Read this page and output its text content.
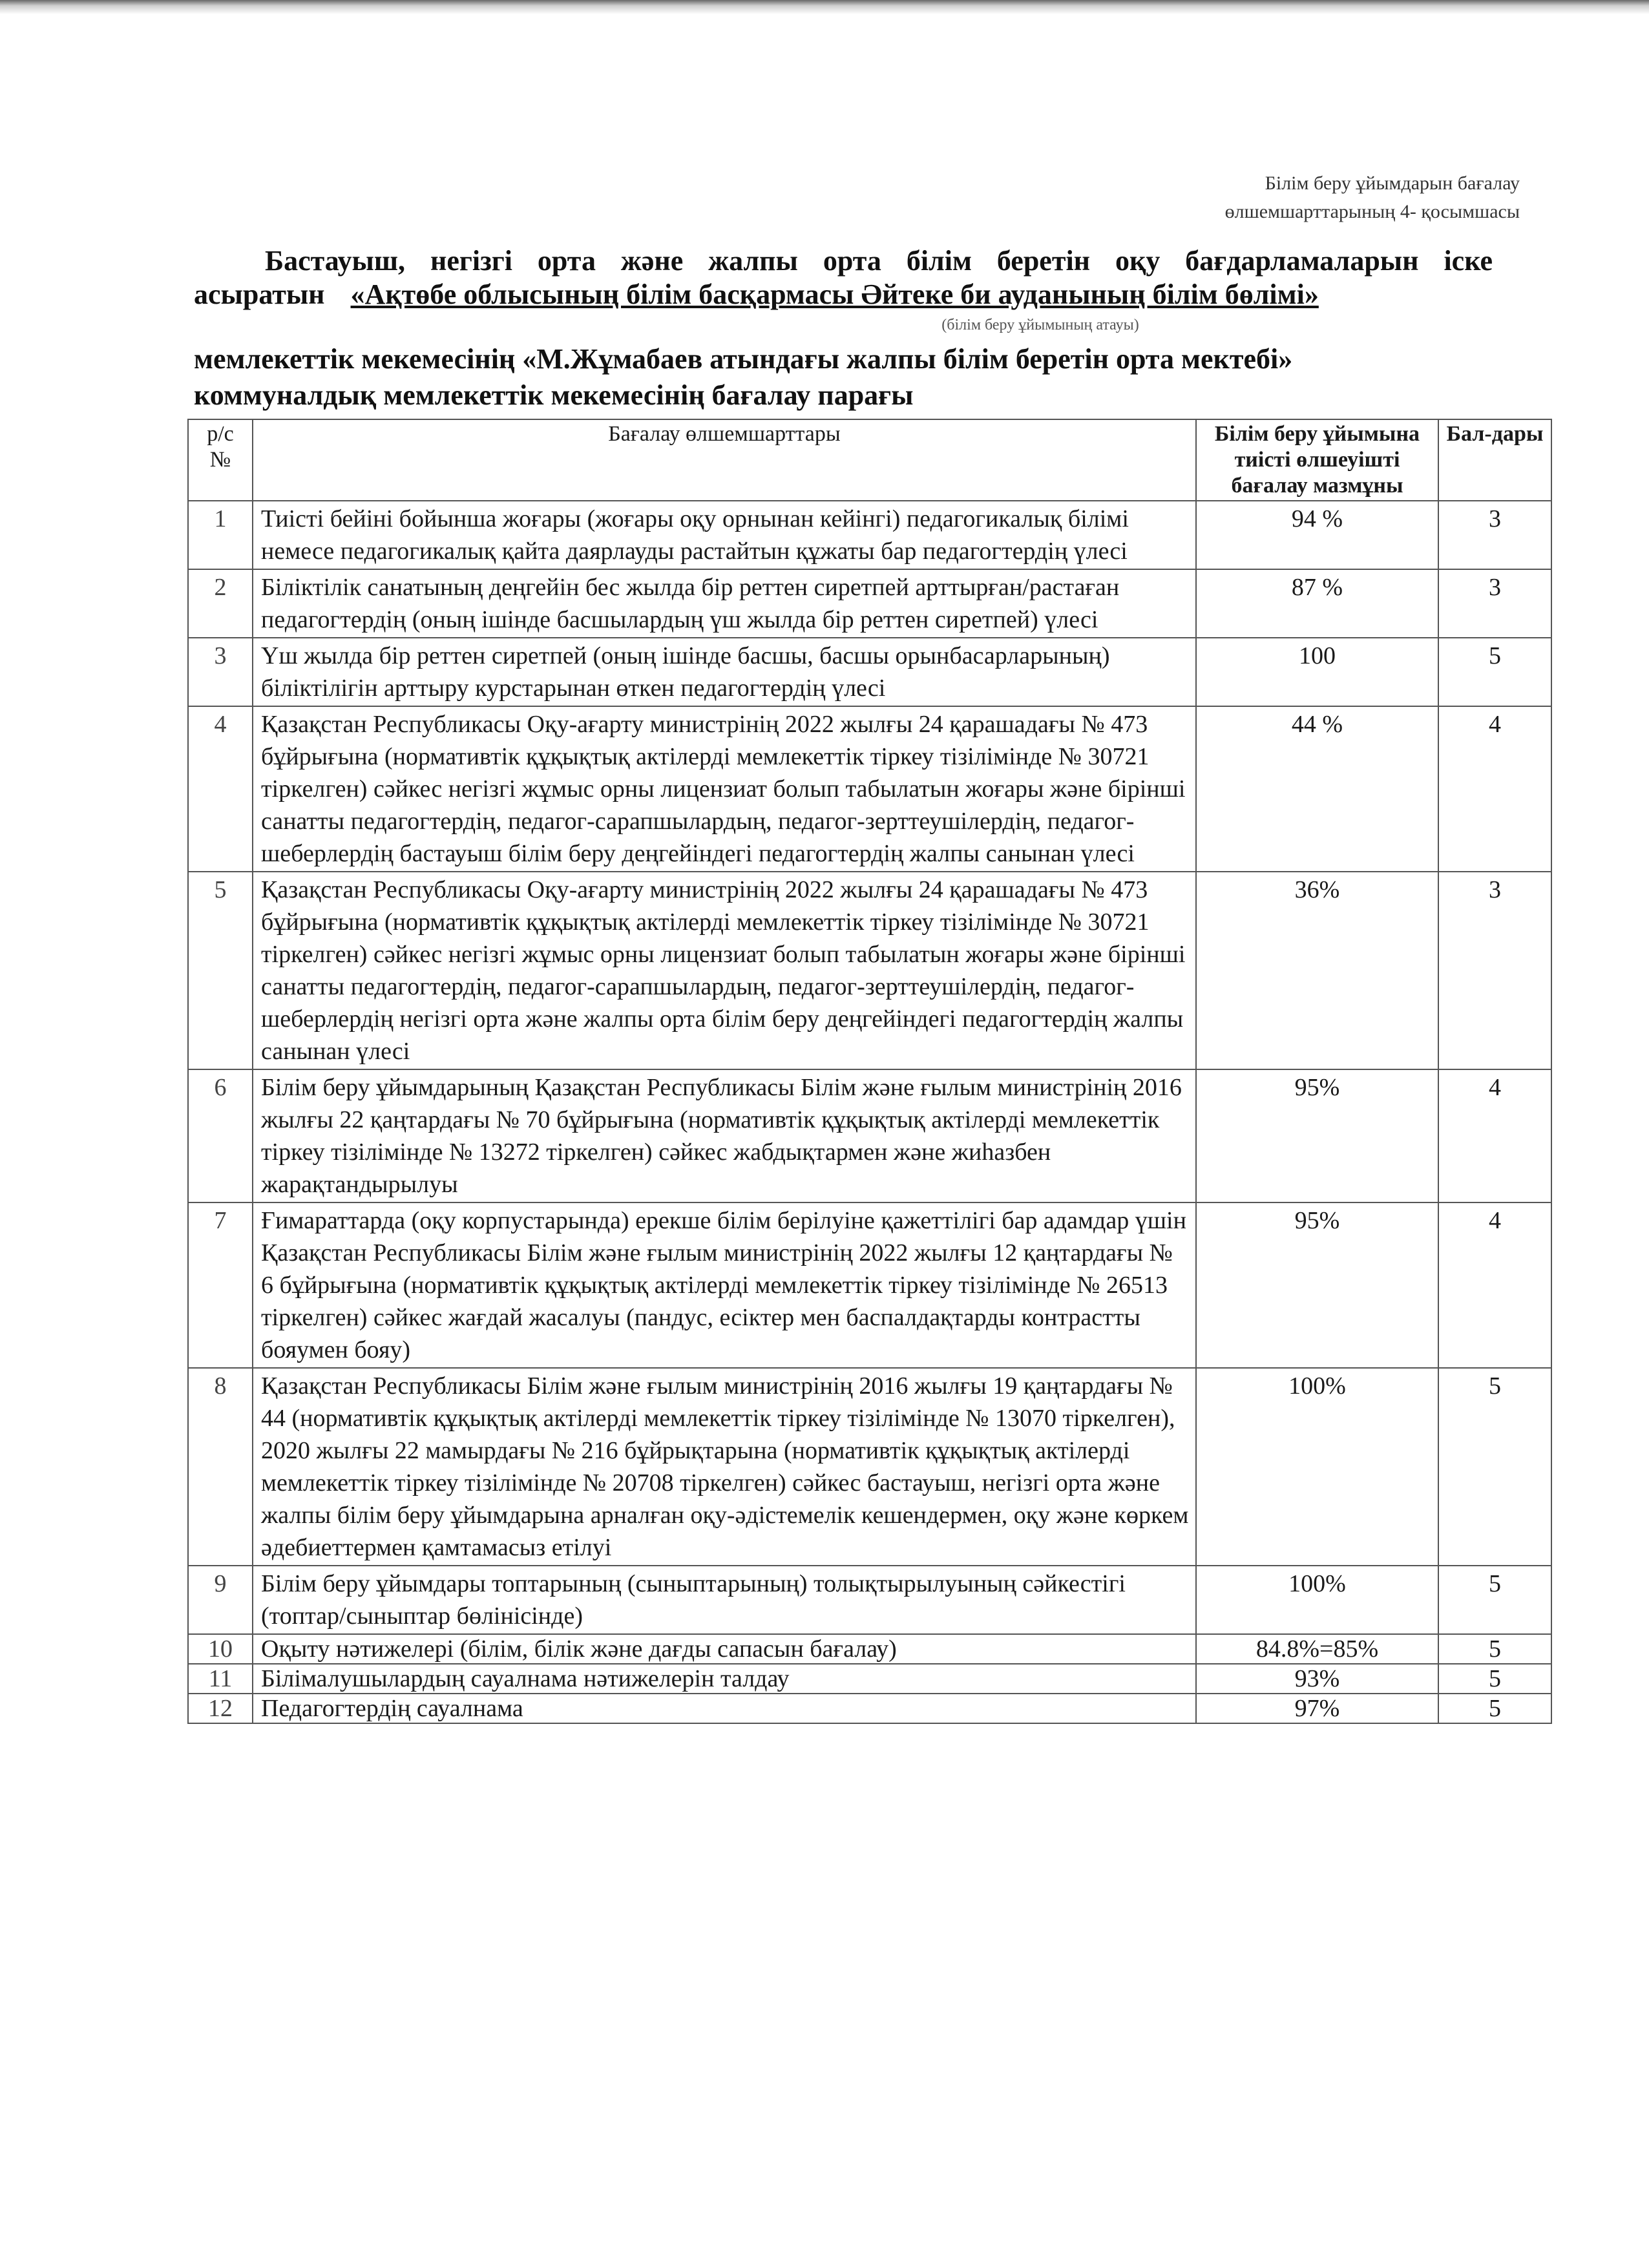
Білім беру ұйымдарын бағалау
өлшемшарттарының 4- қосымшасы
Бастауыш, негізгі орта және жалпы орта білім беретін оқу бағдарламаларын іске
асыратын «Ақтөбе облысының білім басқармасы Әйтеке би ауданының білім бөлімі»
(білім беру ұйымының атауы)
мемлекеттік мекемесінің «М.Жұмабаев атындағы жалпы білім беретін орта мектебі»
коммуналдық мемлекеттік мекемесінің бағалау парағы
р/с №	Бағалау өлшемшарттары	Білім беру ұйымына тиісті өлшеуішті бағалау мазмұны	Бал-дары
1	Тиісті бейіні бойынша жоғары (жоғары оқу орнынан кейінгі) педагогикалық білімі немесе педагогикалық қайта даярлауды растайтын құжаты бар педагогтердің үлесі	94 %	3
2	Біліктілік санатының деңгейін бес жылда бір реттен сиретпей арттырған/растаған педагогтердің (оның ішінде басшылардың үш жылда бір реттен сиретпей) үлесі	87 %	3
3	Үш жылда бір реттен сиретпей (оның ішінде басшы, басшы орынбасарларының) біліктілігін арттыру курстарынан өткен педагогтердің үлесі	100	5
4	Қазақстан Республикасы Оқу-ағарту министрінің 2022 жылғы 24 қарашадағы № 473 бұйрығына (нормативтік құқықтық актілерді мемлекеттік тіркеу тізілімінде № 30721 тіркелген) сәйкес негізгі жұмыс орны лицензиат болып табылатын жоғары және бірінші санатты педагогтердің, педагог-сарапшылардың, педагог-зерттеушілердің, педагог-шеберлердің бастауыш білім беру деңгейіндегі педагогтердің жалпы санынан үлесі	44 %	4
5	Қазақстан Республикасы Оқу-ағарту министрінің 2022 жылғы 24 қарашадағы № 473 бұйрығына (нормативтік құқықтық актілерді мемлекеттік тіркеу тізілімінде № 30721 тіркелген) сәйкес негізгі жұмыс орны лицензиат болып табылатын жоғары және бірінші санатты педагогтердің, педагог-сарапшылардың, педагог-зерттеушілердің, педагог-шеберлердің негізгі орта және жалпы орта білім беру деңгейіндегі педагогтердің жалпы санынан үлесі	36%	3
6	Білім беру ұйымдарының Қазақстан Республикасы Білім және ғылым министрінің 2016 жылғы 22 қаңтардағы № 70 бұйрығына (нормативтік құқықтық актілерді мемлекеттік тіркеу тізілімінде № 13272 тіркелген) сәйкес жабдықтармен және жиһазбен жарақтандырылуы	95%	4
7	Ғимараттарда (оқу корпустарында) ерекше білім берілуіне қажеттілігі бар адамдар үшін Қазақстан Республикасы Білім және ғылым министрінің 2022 жылғы 12 қаңтардағы № 6 бұйрығына (нормативтік құқықтық актілерді мемлекеттік тіркеу тізілімінде № 26513 тіркелген) сәйкес жағдай жасалуы (пандус, есіктер мен баспалдақтарды контрастты бояумен бояу)	95%	4
8	Қазақстан Республикасы Білім және ғылым министрінің 2016 жылғы 19 қаңтардағы № 44 (нормативтік құқықтық актілерді мемлекеттік тіркеу тізілімінде № 13070 тіркелген), 2020 жылғы 22 мамырдағы № 216 бұйрықтарына (нормативтік құқықтық актілерді мемлекеттік тіркеу тізілімінде № 20708 тіркелген) сәйкес бастауыш, негізгі орта және жалпы білім беру ұйымдарына арналған оқу-әдістемелік кешендермен, оқу және көркем әдебиеттермен қамтамасыз етілуі	100%	5
9	Білім беру ұйымдары топтарының (сыныптарының) толықтырылуының сәйкестігі (топтар/сыныптар бөлінісінде)	100%	5
10	Оқыту нәтижелері (білім, білік және дағды сапасын бағалау)	84.8%=85%	5
11	Білімалушылардың сауалнама нәтижелерін талдау	93%	5
12	Педагогтердің сауалнама	97%	5
